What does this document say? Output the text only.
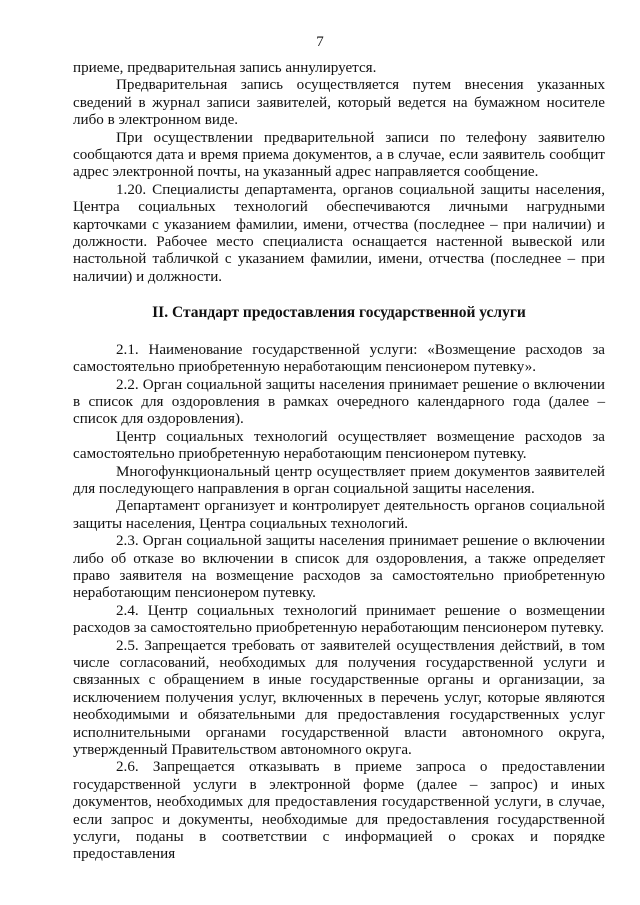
7

приеме, предварительная запись аннулируется.

Предварительная запись осуществляется путем внесения указанных сведений в журнал записи заявителей, который ведется на бумажном носителе либо в электронном виде.

При осуществлении предварительной записи по телефону заявителю сообщаются дата и время приема документов, а в случае, если заявитель сообщит адрес электронной почты, на указанный адрес направляется сообщение.

1.20. Специалисты департамента, органов социальной защиты населения, Центра социальных технологий обеспечиваются личными нагрудными карточками с указанием фамилии, имени, отчества (последнее – при наличии) и должности. Рабочее место специалиста оснащается настенной вывеской или настольной табличкой с указанием фамилии, имени, отчества (последнее – при наличии) и должности.

II. Стандарт предоставления государственной услуги

2.1. Наименование государственной услуги: «Возмещение расходов за самостоятельно приобретенную неработающим пенсионером путевку».

2.2. Орган социальной защиты населения принимает решение о включении в список для оздоровления в рамках очередного календарного года (далее – список для оздоровления).

Центр социальных технологий осуществляет возмещение расходов за самостоятельно приобретенную неработающим пенсионером путевку.

Многофункциональный центр осуществляет прием документов заявителей для последующего направления в орган социальной защиты населения.

Департамент организует и контролирует деятельность органов социальной защиты населения, Центра социальных технологий.

2.3. Орган социальной защиты населения принимает решение о включении либо об отказе во включении в список для оздоровления, а также определяет право заявителя на возмещение расходов за самостоятельно приобретенную неработающим пенсионером путевку.

2.4. Центр социальных технологий принимает решение о возмещении расходов за самостоятельно приобретенную неработающим пенсионером путевку.

2.5. Запрещается требовать от заявителей осуществления действий, в том числе согласований, необходимых для получения государственной услуги и связанных с обращением в иные государственные органы и организации, за исключением получения услуг, включенных в перечень услуг, которые являются необходимыми и обязательными для предоставления государственных услуг исполнительными органами государственной власти автономного округа, утвержденный Правительством автономного округа.

2.6. Запрещается отказывать в приеме запроса о предоставлении государственной услуги в электронной форме (далее – запрос) и иных документов, необходимых для предоставления государственной услуги, в случае, если запрос и документы, необходимые для предоставления государственной услуги, поданы в соответствии с информацией о сроках и порядке предоставления
